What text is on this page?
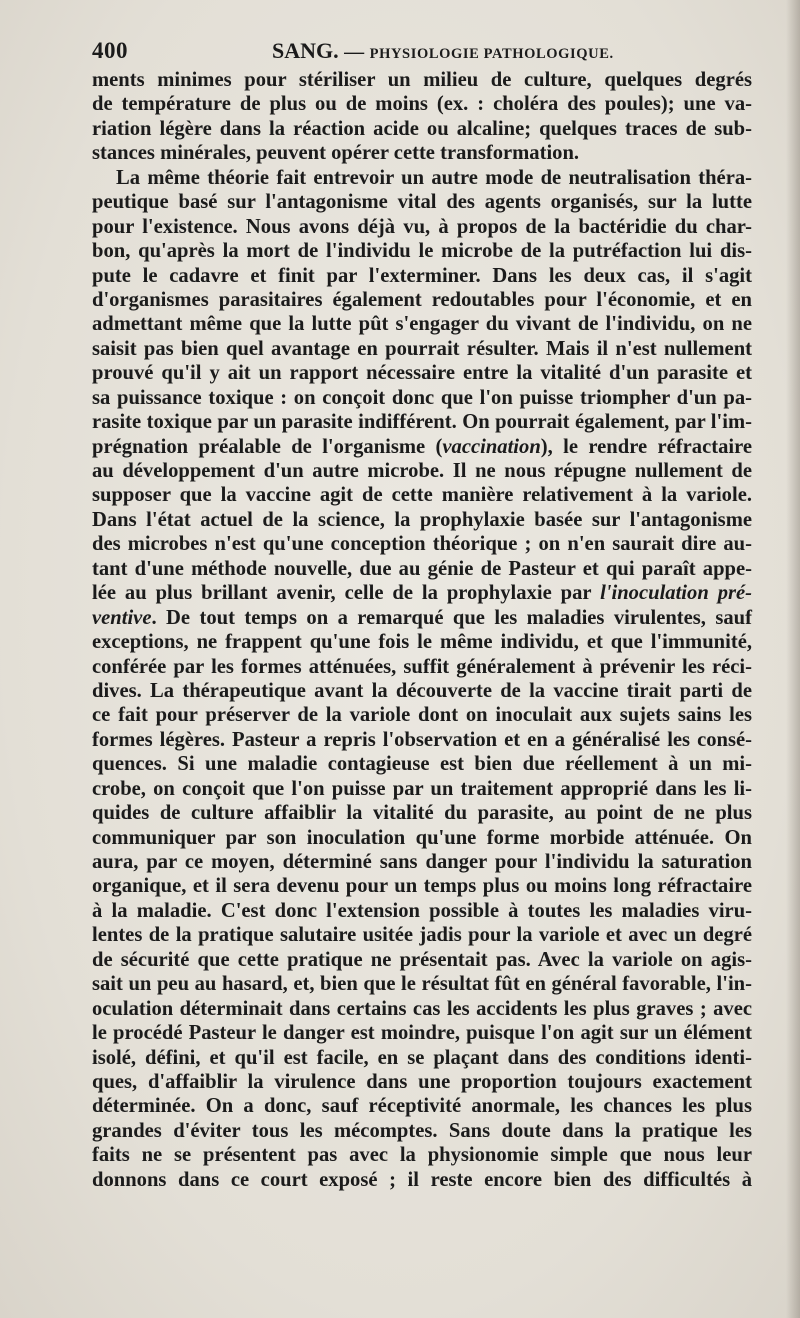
400	SANG. — PHYSIOLOGIE PATHOLOGIQUE.
ments minimes pour stériliser un milieu de culture, quelques degrés
de température de plus ou de moins (ex. : choléra des poules); une va-
riation légère dans la réaction acide ou alcaline; quelques traces de sub-
stances minérales, peuvent opérer cette transformation.
La même théorie fait entrevoir un autre mode de neutralisation théra-
peutique basé sur l'antagonisme vital des agents organisés, sur la lutte
pour l'existence. Nous avons déjà vu, à propos de la bactéridie du char-
bon, qu'après la mort de l'individu le microbe de la putréfaction lui dis-
pute le cadavre et finit par l'exterminer. Dans les deux cas, il s'agit
d'organismes parasitaires également redoutables pour l'économie, et en
admettant même que la lutte pût s'engager du vivant de l'individu, on ne
saisit pas bien quel avantage en pourrait résulter. Mais il n'est nullement
prouvé qu'il y ait un rapport nécessaire entre la vitalité d'un parasite et
sa puissance toxique : on conçoit donc que l'on puisse triompher d'un pa-
rasite toxique par un parasite indifférent. On pourrait également, par l'im-
prégnation préalable de l'organisme (vaccination), le rendre réfractaire
au développement d'un autre microbe. Il ne nous répugne nullement de
supposer que la vaccine agit de cette manière relativement à la variole.
Dans l'état actuel de la science, la prophylaxie basée sur l'antagonisme
des microbes n'est qu'une conception théorique ; on n'en saurait dire au-
tant d'une méthode nouvelle, due au génie de Pasteur et qui paraît appe-
lée au plus brillant avenir, celle de la prophylaxie par l'inoculation pré-
ventive. De tout temps on a remarqué que les maladies virulentes, sauf
exceptions, ne frappent qu'une fois le même individu, et que l'immunité,
conférée par les formes atténuées, suffit généralement à prévenir les réci-
dives. La thérapeutique avant la découverte de la vaccine tirait parti de
ce fait pour préserver de la variole dont on inoculait aux sujets sains les
formes légères. Pasteur a repris l'observation et en a généralisé les consé-
quences. Si une maladie contagieuse est bien due réellement à un mi-
crobe, on conçoit que l'on puisse par un traitement approprié dans les li-
quides de culture affaiblir la vitalité du parasite, au point de ne plus
communiquer par son inoculation qu'une forme morbide atténuée. On
aura, par ce moyen, déterminé sans danger pour l'individu la saturation
organique, et il sera devenu pour un temps plus ou moins long réfractaire
à la maladie. C'est donc l'extension possible à toutes les maladies viru-
lentes de la pratique salutaire usitée jadis pour la variole et avec un degré
de sécurité que cette pratique ne présentait pas. Avec la variole on agis-
sait un peu au hasard, et, bien que le résultat fût en général favorable, l'in-
oculation déterminait dans certains cas les accidents les plus graves ; avec
le procédé Pasteur le danger est moindre, puisque l'on agit sur un élément
isolé, défini, et qu'il est facile, en se plaçant dans des conditions identi-
ques, d'affaiblir la virulence dans une proportion toujours exactement
déterminée. On a donc, sauf réceptivité anormale, les chances les plus
grandes d'éviter tous les mécomptes. Sans doute dans la pratique les
faits ne se présentent pas avec la physionomie simple que nous leur
donnons dans ce court exposé ; il reste encore bien des difficultés à
